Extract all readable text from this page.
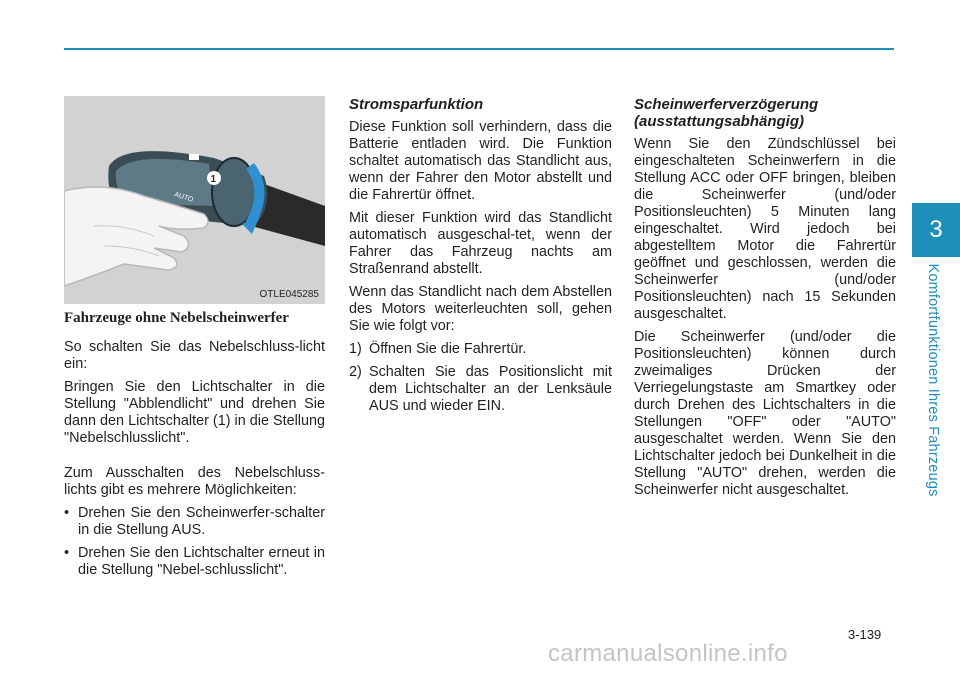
3
Komfortfunktionen Ihres Fahrzeugs
AUTO
1
OTLE045285
Fahrzeuge ohne Nebelscheinwerfer

So schalten Sie das Nebelschluss-licht ein:

Bringen Sie den Lichtschalter in die Stellung "Abblendlicht" und drehen Sie dann den Lichtschalter (1) in die Stellung "Nebelschlusslicht".

Zum Ausschalten des Nebelschluss-lichts gibt es mehrere Möglichkeiten:

• Drehen Sie den Scheinwerfer-schalter in die Stellung AUS.
• Drehen Sie den Lichtschalter erneut in die Stellung "Nebel-schlusslicht".
Stromsparfunktion

Diese Funktion soll verhindern, dass die Batterie entladen wird. Die Funktion schaltet automatisch das Standlicht aus, wenn der Fahrer den Motor abstellt und die Fahrertür öffnet.

Mit dieser Funktion wird das Standlicht automatisch ausgeschal-tet, wenn der Fahrer das Fahrzeug nachts am Straßenrand abstellt.

Wenn das Standlicht nach dem Abstellen des Motors weiterleuchten soll, gehen Sie wie folgt vor:

1) Öffnen Sie die Fahrertür.
2) Schalten Sie das Positionslicht mit dem Lichtschalter an der Lenksäule AUS und wieder EIN.
Scheinwerferverzögerung
(ausstattungsabhängig)

Wenn Sie den Zündschlüssel bei eingeschalteten Scheinwerfern in die Stellung ACC oder OFF bringen, bleiben die Scheinwerfer (und/oder Positionsleuchten) 5 Minuten lang eingeschaltet. Wird jedoch bei abgestelltem Motor die Fahrertür geöffnet und geschlossen, werden die Scheinwerfer (und/oder Positionsleuchten) nach 15 Sekunden ausgeschaltet.

Die Scheinwerfer (und/oder die Positionsleuchten) können durch zweimaliges Drücken der Verriegelungstaste am Smartkey oder durch Drehen des Lichtschalters in die Stellungen "OFF" oder "AUTO" ausgeschaltet werden. Wenn Sie den Lichtschalter jedoch bei Dunkelheit in die Stellung "AUTO" drehen, werden die Scheinwerfer nicht ausgeschaltet.

3-139
carmanualsonline.info
